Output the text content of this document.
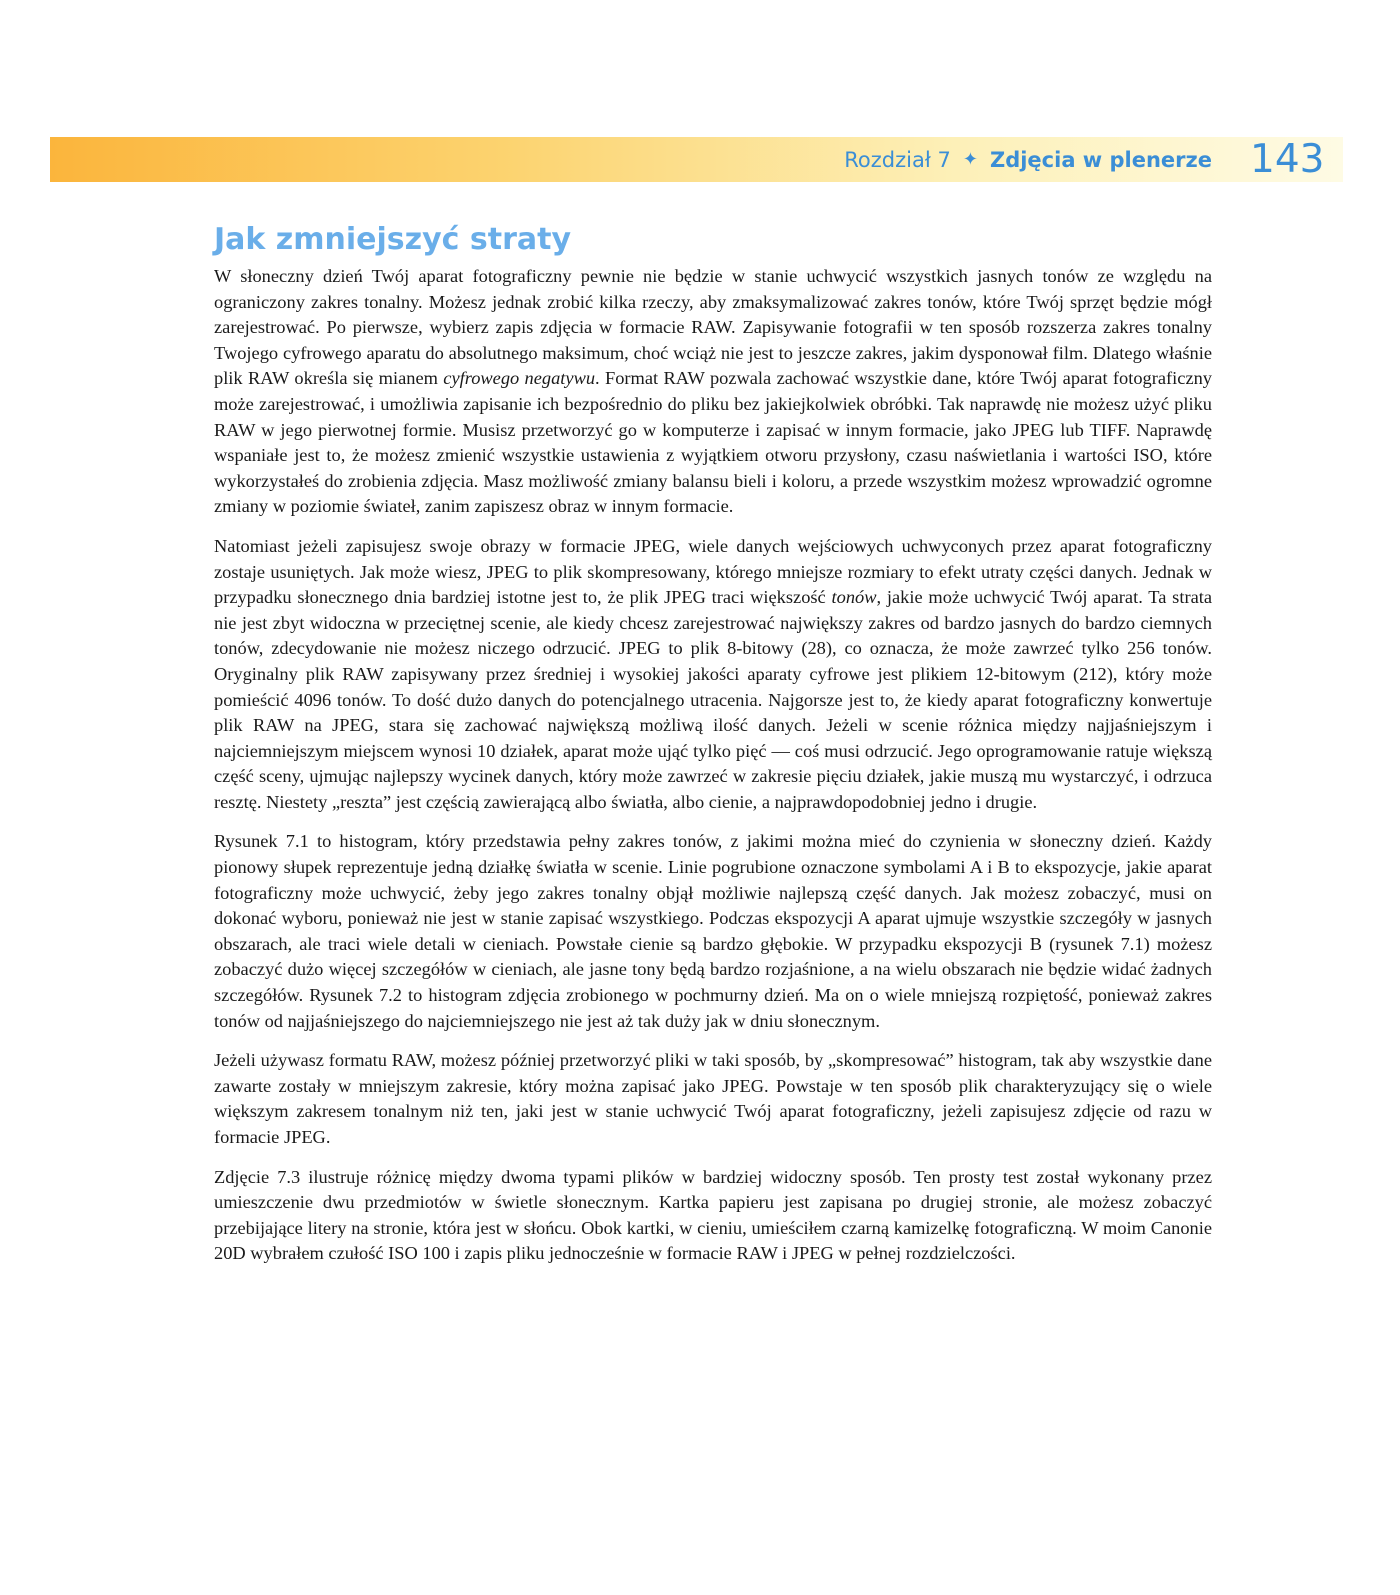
Rozdział 7 ✦ Zdjęcia w plenerze 143
Jak zmniejszyć straty

W słoneczny dzień Twój aparat fotograficzny pewnie nie będzie w stanie uchwycić wszystkich jasnych tonów ze względu na ograniczony zakres tonalny. Możesz jednak zrobić kilka rzeczy, aby zmaksymalizować zakres tonów, które Twój sprzęt będzie mógł zarejestrować. Po pierwsze, wybierz zapis zdjęcia w formacie RAW. Zapisywanie fotografii w ten sposób rozszerza zakres tonalny Twojego cyfrowego aparatu do absolutnego maksimum, choć wciąż nie jest to jeszcze zakres, jakim dysponował film. Dlatego właśnie plik RAW określa się mianem cyfrowego negatywu. Format RAW pozwala zachować wszystkie dane, które Twój aparat fotograficzny może zarejestrować, i umożliwia zapisanie ich bezpośrednio do pliku bez jakiejkolwiek obróbki. Tak naprawdę nie możesz użyć pliku RAW w jego pierwotnej formie. Musisz przetworzyć go w komputerze i zapisać w innym formacie, jako JPEG lub TIFF. Naprawdę wspaniałe jest to, że możesz zmienić wszystkie ustawienia z wyjątkiem otworu przysłony, czasu naświetlania i wartości ISO, które wykorzystałeś do zrobienia zdjęcia. Masz możliwość zmiany balansu bieli i koloru, a przede wszystkim możesz wprowadzić ogromne zmiany w poziomie świateł, zanim zapiszesz obraz w innym formacie.

Natomiast jeżeli zapisujesz swoje obrazy w formacie JPEG, wiele danych wejściowych uchwyconych przez aparat fotograficzny zostaje usuniętych. Jak może wiesz, JPEG to plik skompresowany, którego mniejsze rozmiary to efekt utraty części danych. Jednak w przypadku słonecznego dnia bardziej istotne jest to, że plik JPEG traci większość tonów, jakie może uchwycić Twój aparat. Ta strata nie jest zbyt widoczna w przeciętnej scenie, ale kiedy chcesz zarejestrować największy zakres od bardzo jasnych do bardzo ciemnych tonów, zdecydowanie nie możesz niczego odrzucić. JPEG to plik 8-bitowy (28), co oznacza, że może zawrzeć tylko 256 tonów. Oryginalny plik RAW zapisywany przez średniej i wysokiej jakości aparaty cyfrowe jest plikiem 12-bitowym (212), który może pomieścić 4096 tonów. To dość dużo danych do potencjalnego utracenia. Najgorsze jest to, że kiedy aparat fotograficzny konwertuje plik RAW na JPEG, stara się zachować największą możliwą ilość danych. Jeżeli w scenie różnica między najjaśniejszym i najciemniejszym miejscem wynosi 10 działek, aparat może ująć tylko pięć — coś musi odrzucić. Jego oprogramowanie ratuje większą część sceny, ujmując najlepszy wycinek danych, który może zawrzeć w zakresie pięciu działek, jakie muszą mu wystarczyć, i odrzuca resztę. Niestety „reszta” jest częścią zawierającą albo światła, albo cienie, a najprawdopodobniej jedno i drugie.

Rysunek 7.1 to histogram, który przedstawia pełny zakres tonów, z jakimi można mieć do czynienia w słoneczny dzień. Każdy pionowy słupek reprezentuje jedną działkę światła w scenie. Linie pogrubione oznaczone symbolami A i B to ekspozycje, jakie aparat fotograficzny może uchwycić, żeby jego zakres tonalny objął możliwie najlepszą część danych. Jak możesz zobaczyć, musi on dokonać wyboru, ponieważ nie jest w stanie zapisać wszystkiego. Podczas ekspozycji A aparat ujmuje wszystkie szczegóły w jasnych obszarach, ale traci wiele detali w cieniach. Powstałe cienie są bardzo głębokie. W przypadku ekspozycji B (rysunek 7.1) możesz zobaczyć dużo więcej szczegółów w cieniach, ale jasne tony będą bardzo rozjaśnione, a na wielu obszarach nie będzie widać żadnych szczegółów. Rysunek 7.2 to histogram zdjęcia zrobionego w pochmurny dzień. Ma on o wiele mniejszą rozpiętość, ponieważ zakres tonów od najjaśniejszego do najciemniejszego nie jest aż tak duży jak w dniu słonecznym.

Jeżeli używasz formatu RAW, możesz później przetworzyć pliki w taki sposób, by „skompresować” histogram, tak aby wszystkie dane zawarte zostały w mniejszym zakresie, który można zapisać jako JPEG. Powstaje w ten sposób plik charakteryzujący się o wiele większym zakresem tonalnym niż ten, jaki jest w stanie uchwycić Twój aparat fotograficzny, jeżeli zapisujesz zdjęcie od razu w formacie JPEG.

Zdjęcie 7.3 ilustruje różnicę między dwoma typami plików w bardziej widoczny sposób. Ten prosty test został wykonany przez umieszczenie dwu przedmiotów w świetle słonecznym. Kartka papieru jest zapisana po drugiej stronie, ale możesz zobaczyć przebijające litery na stronie, która jest w słońcu. Obok kartki, w cieniu, umieściłem czarną kamizelkę fotograficzną. W moim Canonie 20D wybrałem czułość ISO 100 i zapis pliku jednocześnie w formacie RAW i JPEG w pełnej rozdzielczości.
